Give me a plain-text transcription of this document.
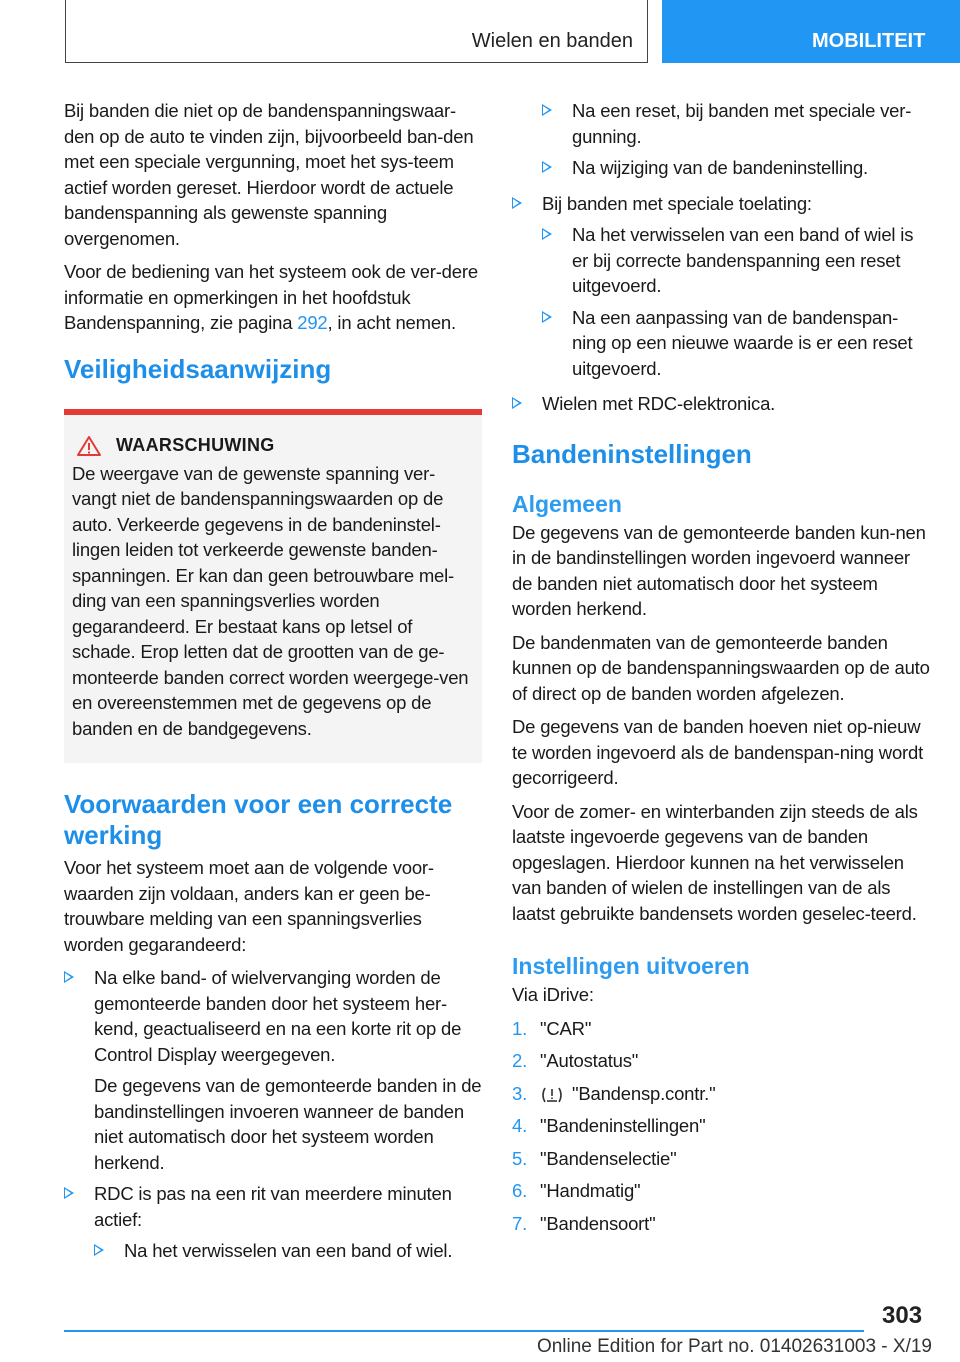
Wielen en banden	MOBILITEIT

Bij banden die niet op de bandenspanningswaar-den op de auto te vinden zijn, bijvoorbeeld ban-den met een speciale vergunning, moet het sys-teem actief worden gereset. Hierdoor wordt de actuele bandenspanning als gewenste spanning overgenomen.

Voor de bediening van het systeem ook de ver-dere informatie en opmerkingen in het hoofdstuk Bandenspanning, zie pagina 292, in acht nemen.

Veiligheidsaanwijzing
WAARSCHUWING

De weergave van de gewenste spanning ver-vangt niet de bandenspanningswaarden op de auto. Verkeerde gegevens in de bandeninstel-lingen leiden tot verkeerde gewenste banden-spanningen. Er kan dan geen betrouwbare mel-ding van een spanningsverlies worden gegarandeerd. Er bestaat kans op letsel of schade. Erop letten dat de grootten van de ge-monteerde banden correct worden weergege-ven en overeenstemmen met de gegevens op de banden en de bandgegevens.

Voorwaarden voor een correcte werking

Voor het systeem moet aan de volgende voor-waarden zijn voldaan, anders kan er geen be-trouwbare melding van een spanningsverlies worden gegarandeerd:

Na elke band- of wielvervanging worden de gemonteerde banden door het systeem her-kend, geactualiseerd en na een korte rit op de Control Display weergegeven.

De gegevens van de gemonteerde banden in de bandinstellingen invoeren wanneer de banden niet automatisch door het systeem worden herkend.

RDC is pas na een rit van meerdere minuten actief:
Na het verwisselen van een band of wiel.
Na een reset, bij banden met speciale ver-gunning.
Na wijziging van de bandeninstelling.
Bij banden met speciale toelating:
Na het verwisselen van een band of wiel is er bij correcte bandenspanning een reset uitgevoerd.
Na een aanpassing van de bandenspan-ning op een nieuwe waarde is er een reset uitgevoerd.
Wielen met RDC-elektronica.
Bandeninstellingen
Algemeen

De gegevens van de gemonteerde banden kun-nen in de bandinstellingen worden ingevoerd wanneer de banden niet automatisch door het systeem worden herkend.

De bandenmaten van de gemonteerde banden kunnen op de bandenspanningswaarden op de auto of direct op de banden worden afgelezen.

De gegevens van de banden hoeven niet op-nieuw te worden ingevoerd als de bandenspan-ning wordt gecorrigeerd.

Voor de zomer- en winterbanden zijn steeds de als laatste ingevoerde gegevens van de banden opgeslagen. Hierdoor kunnen na het verwisselen van banden of wielen de instellingen van de als laatst gebruikte bandensets worden geselec-teerd.

Instellingen uitvoeren

Via iDrive:

1. "CAR"
2. "Autostatus"
3. "Bandensp.contr."
4. "Bandeninstellingen"
5. "Bandenselectie"
6. "Handmatig"
7. "Bandensoort"
303
Online Edition for Part no. 01402631003 - X/19
